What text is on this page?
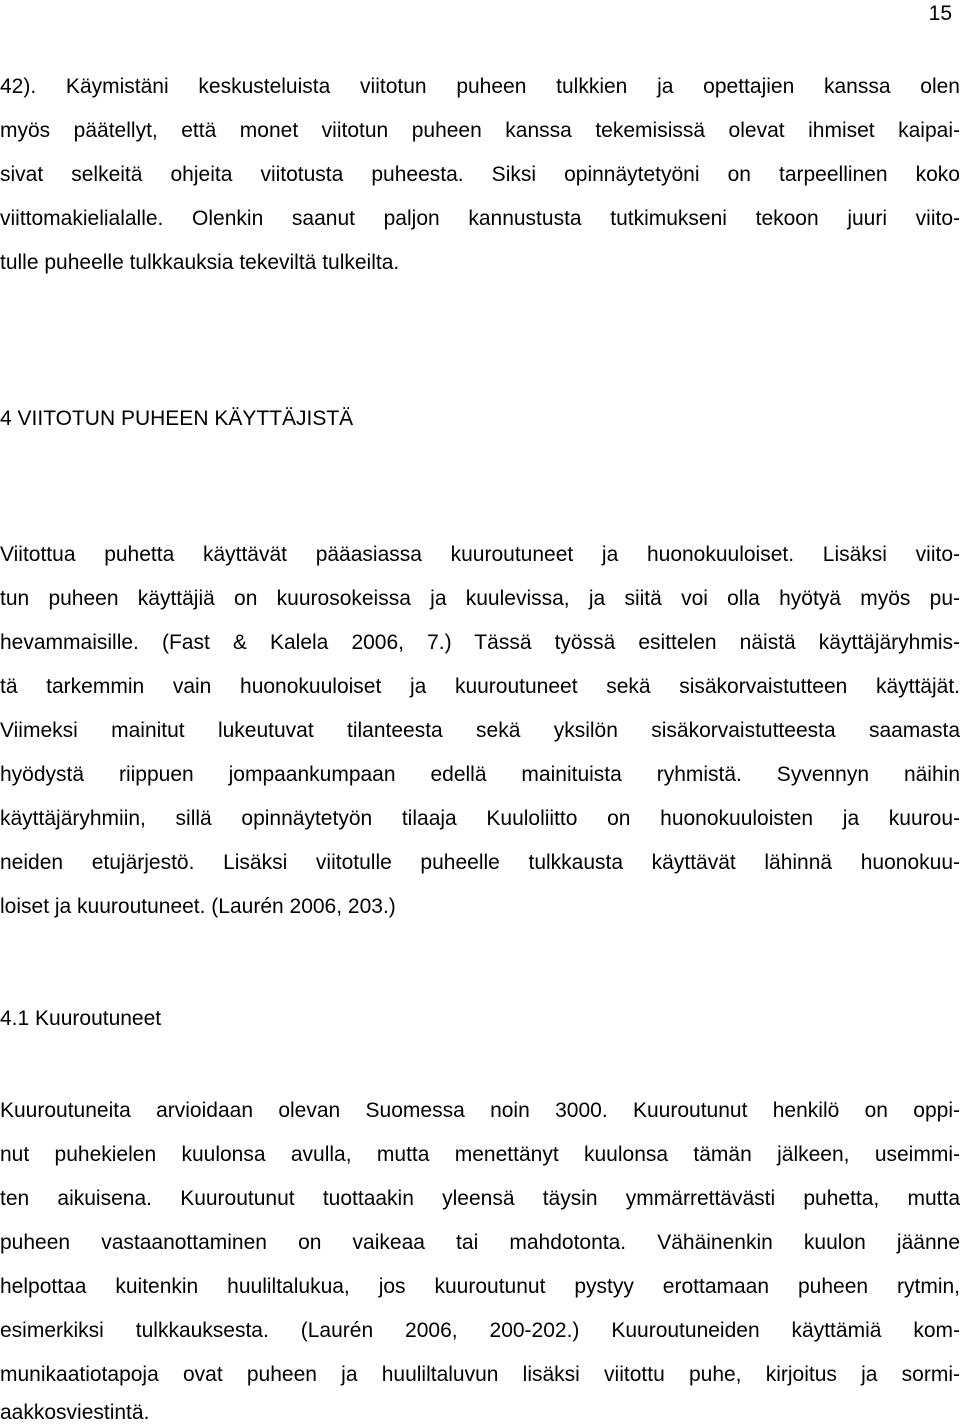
15
42). Käymistäni keskusteluista viitotun puheen tulkkien ja opettajien kanssa olen
myös päätellyt, että monet viitotun puheen kanssa tekemisissä olevat ihmiset kaipai-
sivat selkeitä ohjeita viitotusta puheesta. Siksi opinnäytetyöni on tarpeellinen koko
viittomakielialalle. Olenkin saanut paljon kannustusta tutkimukseni tekoon juuri viito-
tulle puheelle tulkkauksia tekeviltä tulkeilta.
4 VIITOTUN PUHEEN KÄYTTÄJISTÄ
Viitottua puhetta käyttävät pääasiassa kuuroutuneet ja huonokuuloiset. Lisäksi viito-
tun puheen käyttäjiä on kuurosokeissa ja kuulevissa, ja siitä voi olla hyötyä myös pu-
hevammaisille. (Fast & Kalela 2006, 7.) Tässä työssä esittelen näistä käyttäjäryhmis-
tä tarkemmin vain huonokuuloiset ja kuuroutuneet sekä sisäkorvaistutteen käyttäjät.
Viimeksi mainitut lukeutuvat tilanteesta sekä yksilön sisäkorvaistutteesta saamasta
hyödystä riippuen jompaankumpaan edellä mainituista ryhmistä. Syvennyn näihin
käyttäjäryhmiin, sillä opinnäytetyön tilaaja Kuuloliitto on huonokuuloisten ja kuurou-
neiden etujärjestö. Lisäksi viitotulle puheelle tulkkausta käyttävät lähinnä huonokuu-
loiset ja kuuroutuneet. (Laurén 2006, 203.)
4.1 Kuuroutuneet
Kuuroutuneita arvioidaan olevan Suomessa noin 3000. Kuuroutunut henkilö on oppi-
nut puhekielen kuulonsa avulla, mutta menettänyt kuulonsa tämän jälkeen, useimmi-
ten aikuisena. Kuuroutunut tuottaakin yleensä täysin ymmärrettävästi puhetta, mutta
puheen vastaanottaminen on vaikeaa tai mahdotonta. Vähäinenkin kuulon jäänne
helpottaa kuitenkin huuliltalukua, jos kuuroutunut pystyy erottamaan puheen rytmin,
esimerkiksi tulkkauksesta. (Laurén 2006, 200-202.) Kuuroutuneiden käyttämiä kom-
munikaatiotapoja ovat puheen ja huuliltaluvun lisäksi viitottu puhe, kirjoitus ja sormi-
aakkosviestintä.
